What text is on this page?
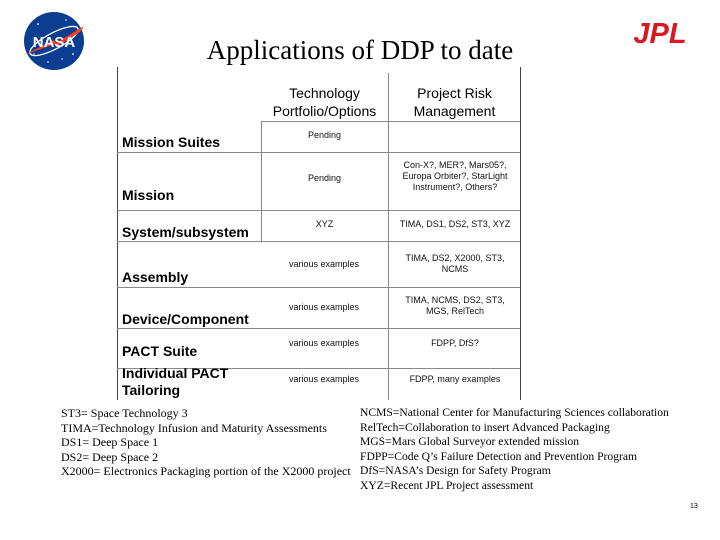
NASA	JPL
Applications of DDP to date
Technology Portfolio/Options
Project Risk Management
Mission Suites
Mission
System/subsystem
Assembly
Device/Component
PACT Suite
Individual PACT Tailoring
Pending
Pending
XYZ
various examples
various examples
various examples
various examples
Con-X?, MER?, Mars05?, Europa Orbiter?, StarLight Instrument?, Others?
TIMA, DS1, DS2, ST3, XYZ
TIMA, DS2, X2000, ST3, NCMS
TIMA, NCMS, DS2, ST3, MGS, RelTech
FDPP, DfS?
FDPP, many examples
ST3= Space Technology 3
TIMA=Technology Infusion and Maturity Assessments
DS1= Deep Space 1
DS2= Deep Space 2
X2000= Electronics Packaging portion of the X2000 project
NCMS=National Center for Manufacturing Sciences collaboration
RelTech=Collaboration to insert Advanced Packaging
MGS=Mars Global Surveyor extended mission
FDPP=Code Q’s Failure Detection and Prevention Program
DfS=NASA’s Design for Safety Program
XYZ=Recent JPL Project assessment
13
